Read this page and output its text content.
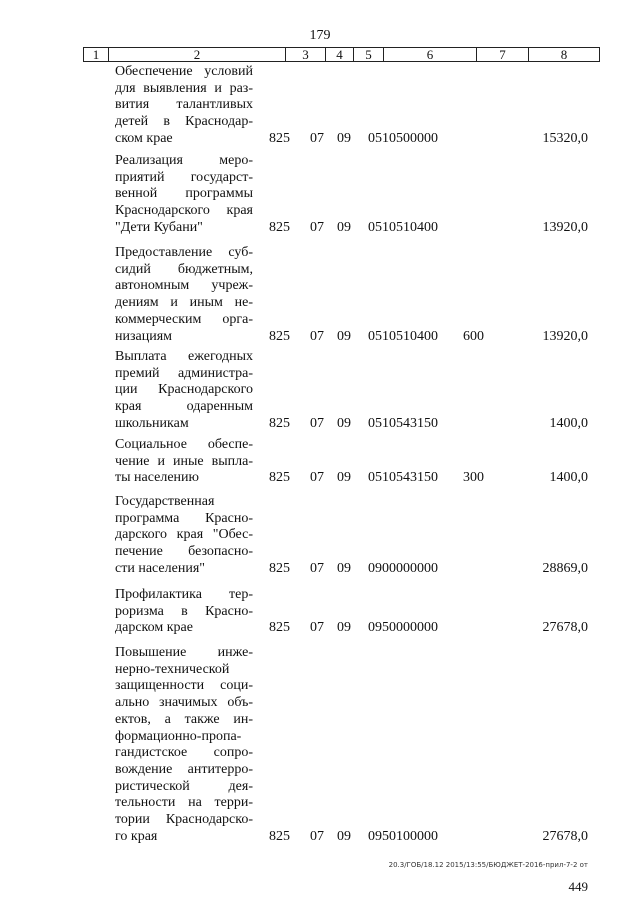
179
1	2	3	4	5	6	7	8
Обеспечение условий
для выявления и раз-
вития талантливых
детей в Краснодар-
ском крае	825 07 09 0510500000	15320,0
Реализация меро-
приятий государст-
венной программы
Краснодарского края
"Дети Кубани"	825 07 09 0510510400	13920,0
Предоставление суб-
сидий бюджетным,
автономным учреж-
дениям и иным не-
коммерческим орга-
низациям	825 07 09 0510510400 600	13920,0
Выплата ежегодных
премий администра-
ции Краснодарского
края одаренным
школьникам	825 07 09 0510543150	1400,0
Социальное обеспе-
чение и иные выпла-
ты населению	825 07 09 0510543150 300	1400,0
Государственная
программа Красно-
дарского края "Обес-
печение безопасно-
сти населения"	825 07 09 0900000000	28869,0
Профилактика тер-
роризма в Красно-
дарском крае	825 07 09 0950000000	27678,0
Повышение инже-
нерно-технической
защищенности соци-
ально значимых объ-
ектов, а также ин-
формационно-пропа-
гандистское сопро-
вождение антитерро-
ристической дея-
тельности на терри-
тории Краснодарско-
го края	825 07 09 0950100000	27678,0
20.3/ГОБ/18.12 2015/13:55/БЮДЖЕТ-2016-прил-7-2 от
449
